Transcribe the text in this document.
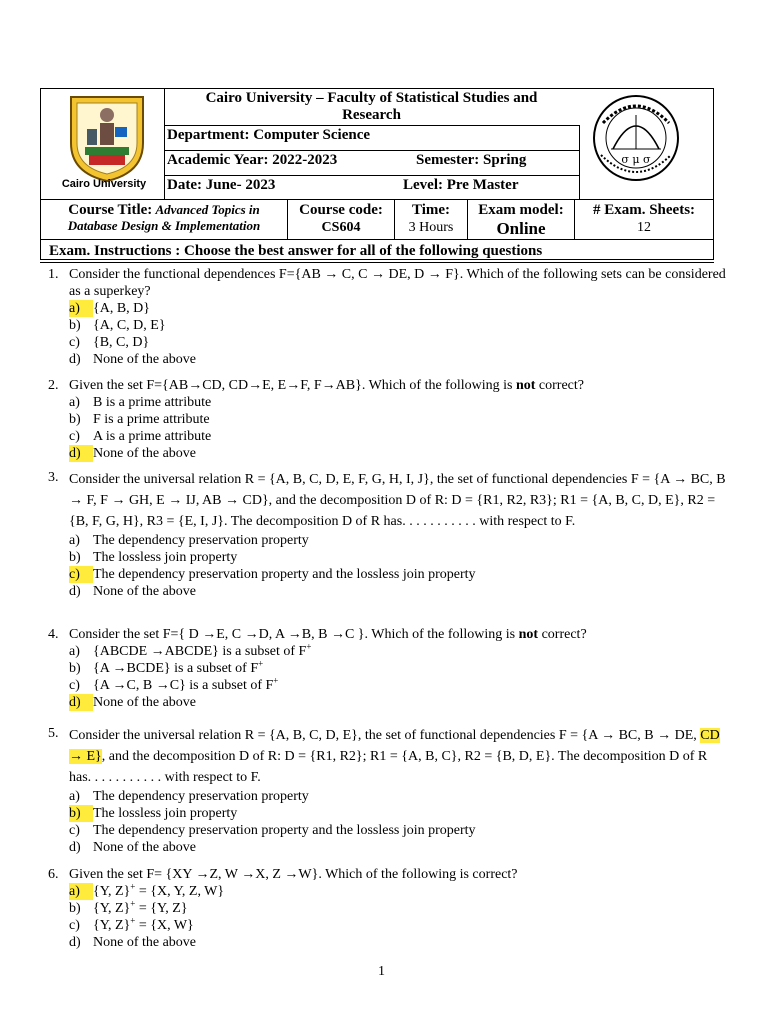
Cairo University
Cairo University – Faculty of Statistical Studies and
Research
Department: Computer Science
Academic Year: 2022-2023	Semester: Spring
Date: June- 2023	Level: Pre Master
σ μ σ
Course Title: Advanced Topics in
Database Design & Implementation
Course code:
CS604
Time:
3 Hours
Exam model:
Online
# Exam. Sheets:
12
Exam. Instructions : Choose the best answer for all of the following questions
1. Consider the functional dependences F={AB → C, C → DE, D → F}. Which of the following sets can be considered as a superkey?
a) {A, B, D}
b) {A, C, D, E}
c) {B, C, D}
d) None of the above
2. Given the set F={AB→CD, CD→E, E→F, F→AB}. Which of the following is not correct?
a) B is a prime attribute
b) F is a prime attribute
c) A is a prime attribute
d) None of the above
3. Consider the universal relation R = {A, B, C, D, E, F, G, H, I, J}, the set of functional dependencies F = {A → BC, B → F, F → GH, E → IJ, AB → CD}, and the decomposition D of R: D = {R1, R2, R3}; R1 = {A, B, C, D, E}, R2 = {B, F, G, H}, R3 = {E, I, J}. The decomposition D of R has. . . . . . . . . . . with respect to F.
a) The dependency preservation property
b) The lossless join property
c) The dependency preservation property and the lossless join property
d) None of the above
4. Consider the set F={ D →E, C →D, A →B, B →C }. Which of the following is not correct?
a) {ABCDE →ABCDE} is a subset of F+
b) {A →BCDE} is a subset of F+
c) {A →C, B →C} is a subset of F+
d) None of the above
5. Consider the universal relation R = {A, B, C, D, E}, the set of functional dependencies F = {A → BC, B → DE, CD → E}, and the decomposition D of R: D = {R1, R2}; R1 = {A, B, C}, R2 = {B, D, E}. The decomposition D of R has. . . . . . . . . . . with respect to F.
a) The dependency preservation property
b) The lossless join property
c) The dependency preservation property and the lossless join property
d) None of the above
6. Given the set F= {XY →Z, W →X, Z →W}. Which of the following is correct?
a) {Y, Z}+ = {X, Y, Z, W}
b) {Y, Z}+ = {Y, Z}
c) {Y, Z}+ = {X, W}
d) None of the above
1
